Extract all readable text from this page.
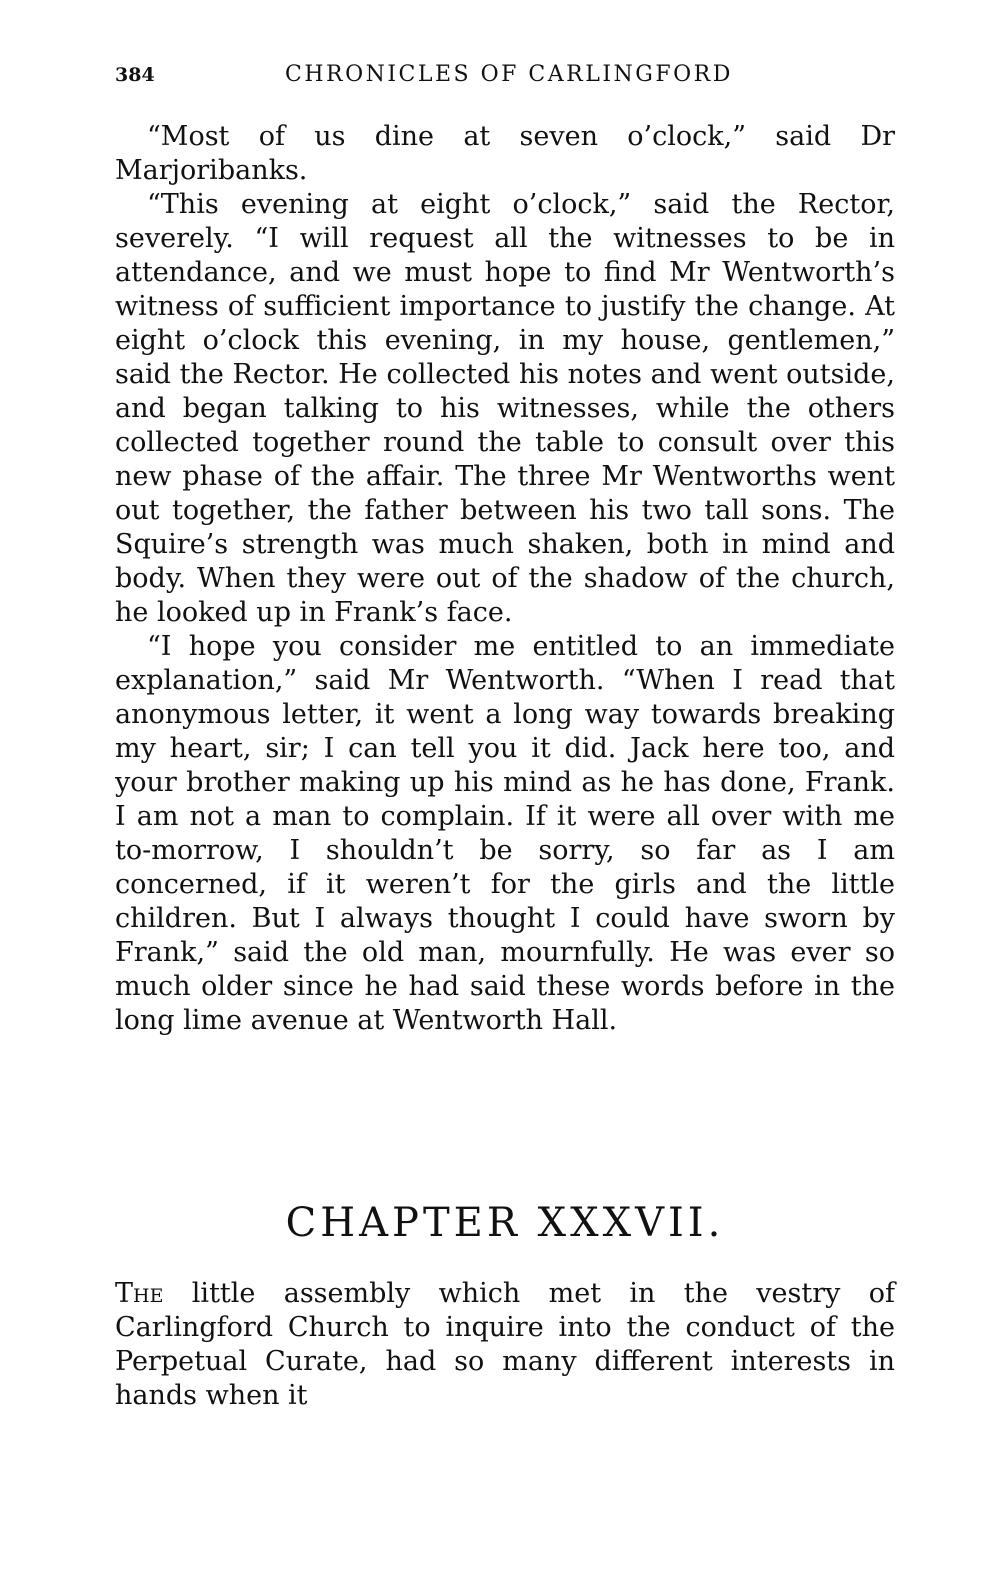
384	CHRONICLES OF CARLINGFORD

“Most of us dine at seven o’clock,” said Dr Marjoribanks.

“This evening at eight o’clock,” said the Rector, severely. “I will request all the witnesses to be in attendance, and we must hope to find Mr Wentworth’s witness of sufficient importance to justify the change. At eight o’clock this evening, in my house, gentlemen,” said the Rector. He collected his notes and went outside, and began talking to his witnesses, while the others collected together round the table to consult over this new phase of the affair. The three Mr Wentworths went out together, the father between his two tall sons. The Squire’s strength was much shaken, both in mind and body. When they were out of the shadow of the church, he looked up in Frank’s face.

“I hope you consider me entitled to an immediate explanation,” said Mr Wentworth. “When I read that anonymous letter, it went a long way towards breaking my heart, sir; I can tell you it did. Jack here too, and your brother making up his mind as he has done, Frank. I am not a man to complain. If it were all over with me to-morrow, I shouldn’t be sorry, so far as I am concerned, if it weren’t for the girls and the little children. But I always thought I could have sworn by Frank,” said the old man, mournfully. He was ever so much older since he had said these words before in the long lime avenue at Wentworth Hall.

CHAPTER XXXVII.

The little assembly which met in the vestry of Carlingford Church to inquire into the conduct of the Perpetual Curate, had so many different interests in hands when it
